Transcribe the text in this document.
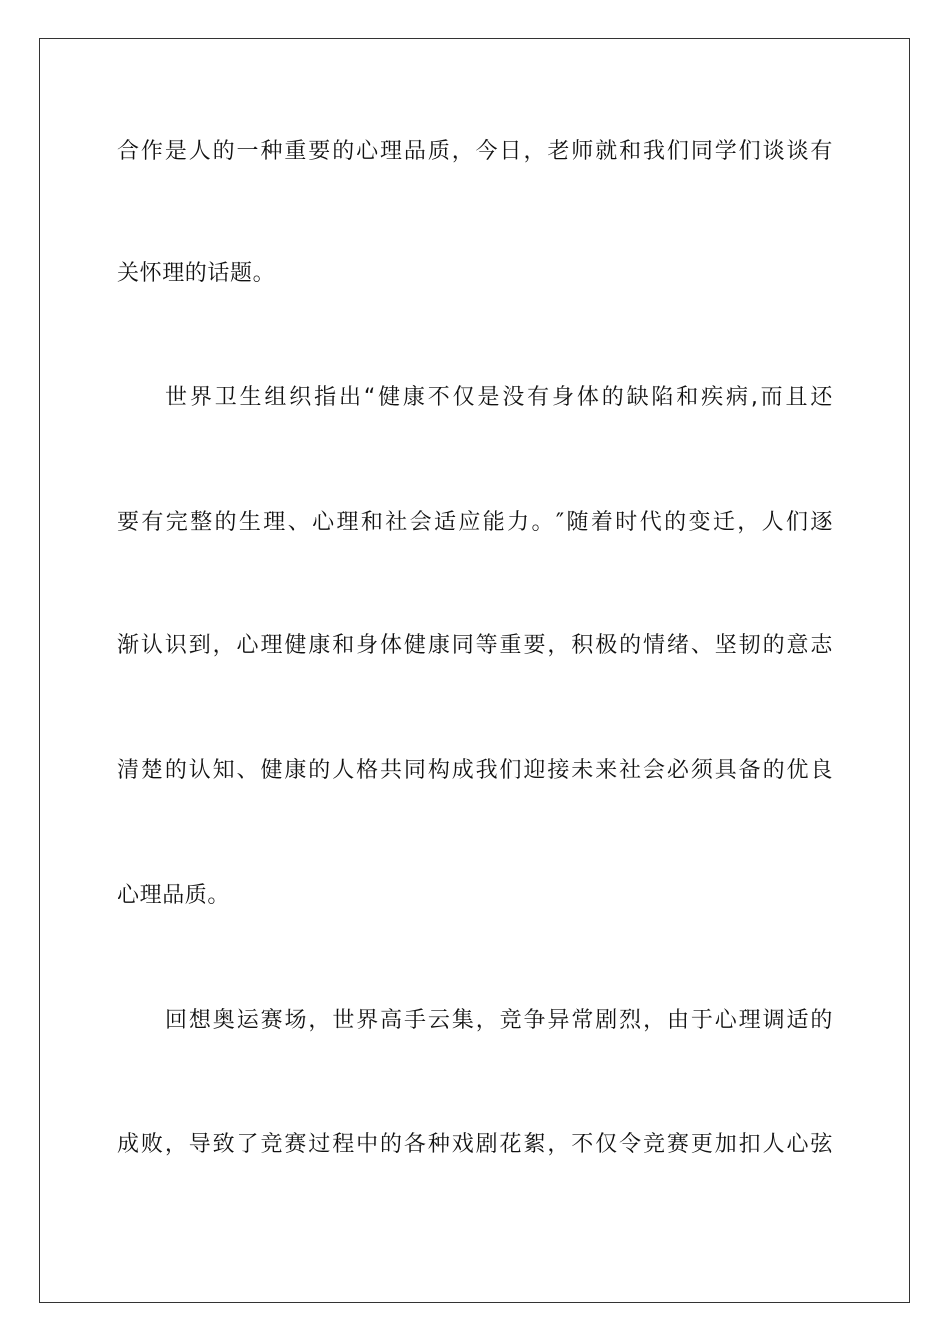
合作是人的一种重要的心理品质，今日，老师就和我们同学们谈谈有
关怀理的话题。
世界卫生组织指出“健康不仅是没有身体的缺陷和疾病,而且还
要有完整的生理、心理和社会适应能力。″随着时代的变迁，人们逐
渐认识到，心理健康和身体健康同等重要，积极的情绪、坚韧的意志
清楚的认知、健康的人格共同构成我们迎接未来社会必须具备的优良
心理品质。
回想奥运赛场，世界高手云集，竞争异常剧烈，由于心理调适的
成败，导致了竞赛过程中的各种戏剧花絮，不仅令竞赛更加扣人心弦
